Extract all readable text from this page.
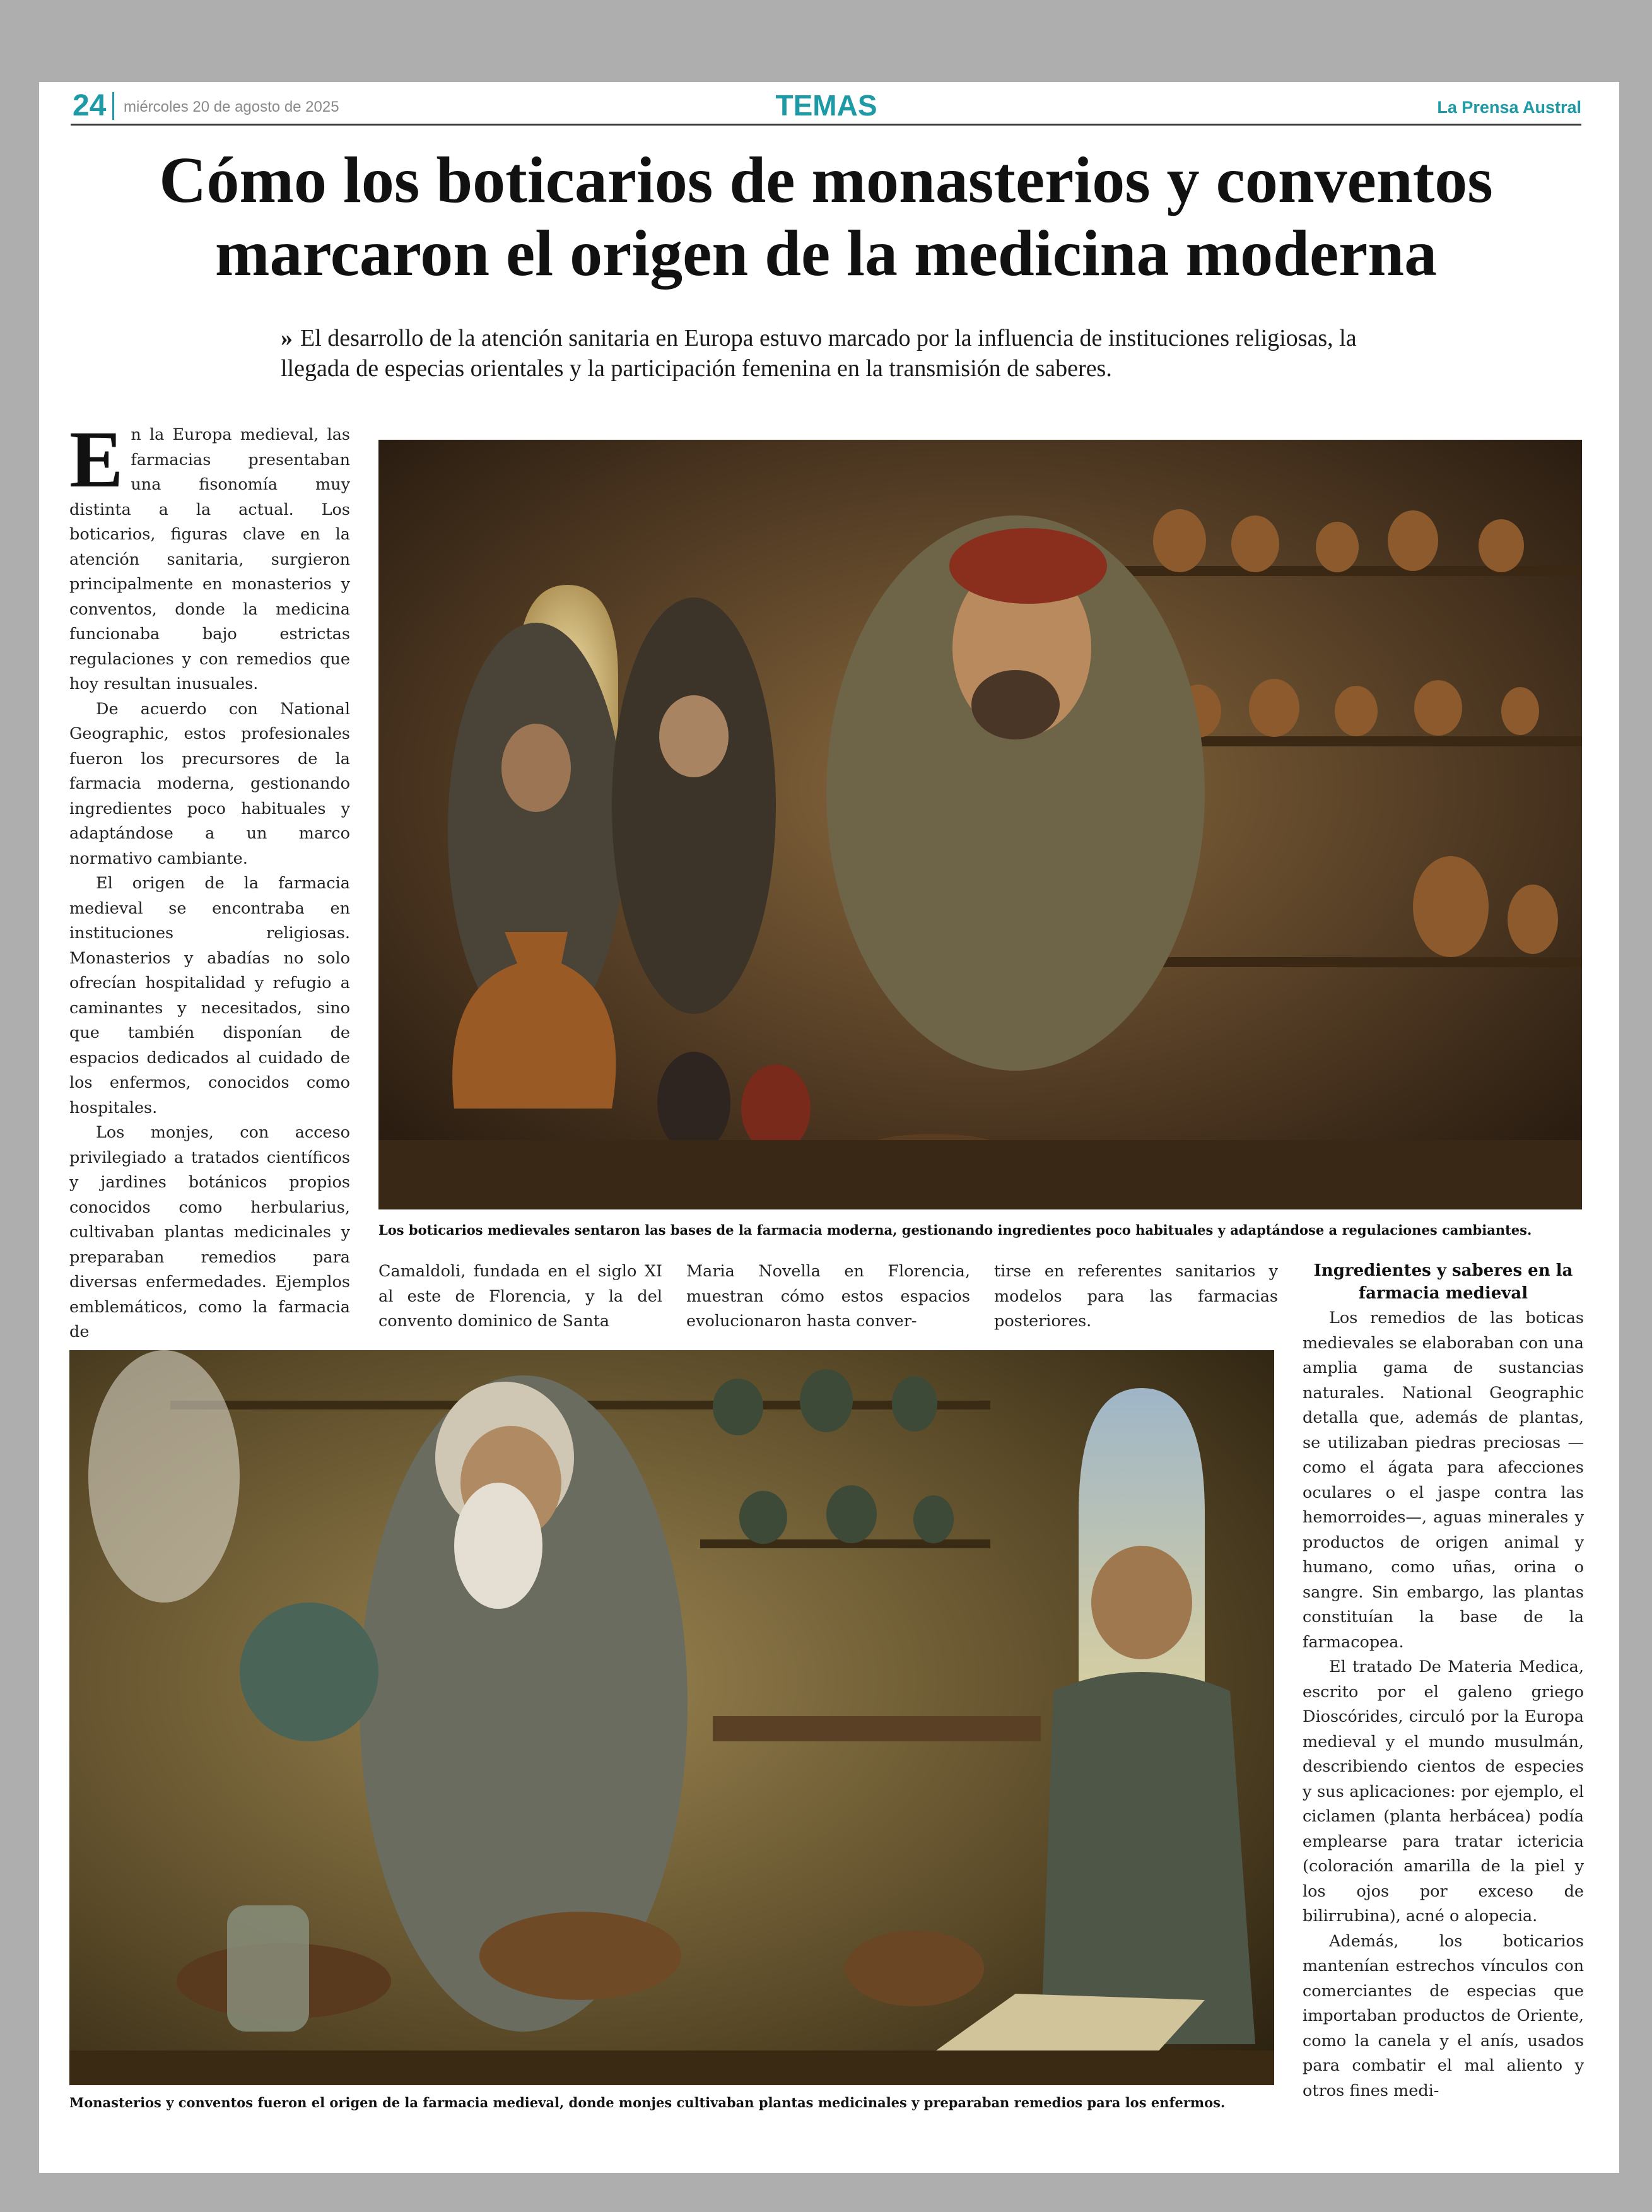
24 miércoles 20 de agosto de 2025	TEMAS	La Prensa Austral
Cómo los boticarios de monasterios y conventos
marcaron el origen de la medicina moderna

» El desarrollo de la atención sanitaria en Europa estuvo marcado por la influencia de instituciones religiosas, la llegada de especias orientales y la participación femenina en la transmisión de saberes.

En la Europa medieval, las farmacias presentaban una fisonomía muy distinta a la actual. Los boticarios, figuras clave en la atención sanitaria, surgieron principalmente en monasterios y conventos, donde la medicina funcionaba bajo estrictas regulaciones y con remedios que hoy resultan inusuales.

De acuerdo con National Geographic, estos profesionales fueron los precursores de la farmacia moderna, gestionando ingredientes poco habituales y adaptándose a un marco normativo cambiante.

El origen de la farmacia medieval se encontraba en instituciones religiosas. Monasterios y abadías no solo ofrecían hospitalidad y refugio a caminantes y necesitados, sino que también disponían de espacios dedicados al cuidado de los enfermos, conocidos como hospitales.

Los monjes, con acceso privilegiado a tratados científicos y jardines botánicos propios conocidos como herbularius, cultivaban plantas medicinales y preparaban remedios para diversas enfermedades. Ejemplos emblemáticos, como la farmacia de

Los boticarios medievales sentaron las bases de la farmacia moderna, gestionando ingredientes poco habituales y adaptándose a regulaciones cambiantes.

Camaldoli, fundada en el siglo XI al este de Florencia, y la del convento dominico de Santa

Maria Novella en Florencia, muestran cómo estos espacios evolucionaron hasta conver-

tirse en referentes sanitarios y modelos para las farmacias posteriores.

Ingredientes y saberes en la farmacia medieval

Los remedios de las boticas medievales se elaboraban con una amplia gama de sustancias naturales. National Geographic detalla que, además de plantas, se utilizaban piedras preciosas —como el ágata para afecciones oculares o el jaspe contra las hemorroides—, aguas minerales y productos de origen animal y humano, como uñas, orina o sangre. Sin embargo, las plantas constituían la base de la farmacopea.

El tratado De Materia Medica, escrito por el galeno griego Dioscórides, circuló por la Europa medieval y el mundo musulmán, describiendo cientos de especies y sus aplicaciones: por ejemplo, el ciclamen (planta herbácea) podía emplearse para tratar ictericia (coloración amarilla de la piel y los ojos por exceso de bilirrubina), acné o alopecia.

Además, los boticarios mantenían estrechos vínculos con comerciantes de especias que importaban productos de Oriente, como la canela y el anís, usados para combatir el mal aliento y otros fines medi-

Monasterios y conventos fueron el origen de la farmacia medieval, donde monjes cultivaban plantas medicinales y preparaban remedios para los enfermos.
